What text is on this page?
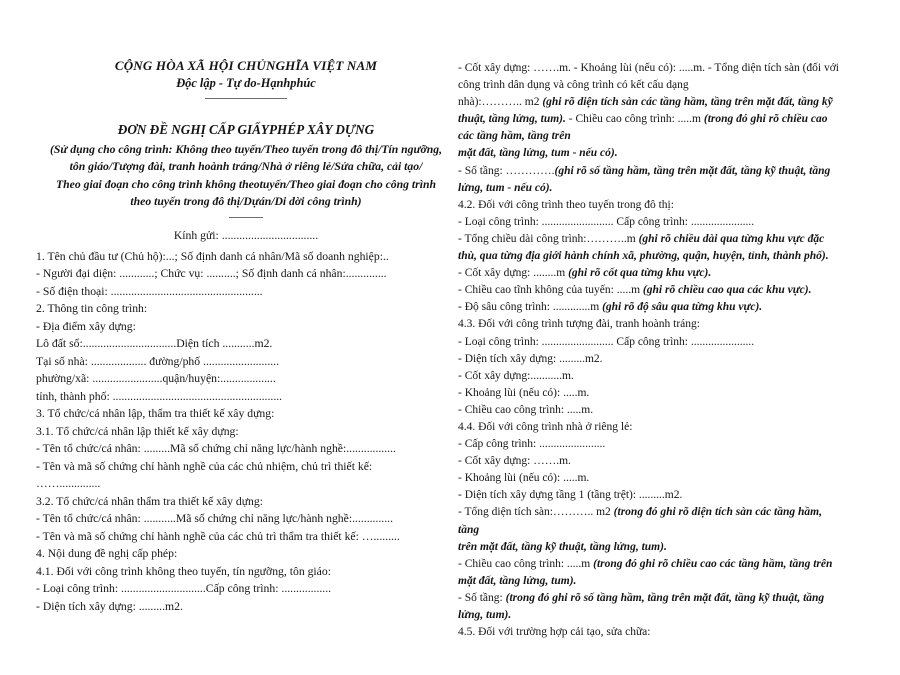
CỘNG HÒA XÃ HỘI CHỦNGHĨA VIỆT NAM
Độc lập - Tự do-Hạnhphúc
ĐƠN ĐỀ NGHỊ CẤP GIẤYPHÉP XÂY DỰNG
(Sử dụng cho công trình: Không theo tuyến/Theo tuyến trong đô thị/Tín ngưỡng,
tôn giáo/Tượng đài, tranh hoành tráng/Nhà ở riêng lẻ/Sửa chữa, cải tạo/
Theo giai đoạn cho công trình không theotuyến/Theo giai đoạn cho công trình
theo tuyến trong đô thị/Dựán/Di dời công trình)
Kính gửi: .................................
1. Tên chủ đầu tư (Chủ hộ):...; Số định danh cá nhân/Mã số doanh nghiệp:..
- Người đại diện: ............; Chức vụ: ..........; Số định danh cá nhân:..............
- Số điện thoại: ....................................................
2. Thông tin công trình:
- Địa điểm xây dựng:
Lô đất số:................................Diện tích ...........m2.
Tại số nhà: ................... đường/phố ..........................
phường/xã: ........................quận/huyện:...................
tỉnh, thành phố: ..........................................................
3. Tổ chức/cá nhân lập, thẩm tra thiết kế xây dựng:
3.1. Tổ chức/cá nhân lập thiết kế xây dựng:
- Tên tổ chức/cá nhân: .........Mã số chứng chỉ năng lực/hành nghề:.................
- Tên và mã số chứng chỉ hành nghề của các chủ nhiệm, chủ trì thiết kế:
……..............
3.2. Tổ chức/cá nhân thẩm tra thiết kế xây dựng:
- Tên tổ chức/cá nhân: ...........Mã số chứng chỉ năng lực/hành nghề:..............
- Tên và mã số chứng chỉ hành nghề của các chủ trì thẩm tra thiết kế: ….........
4. Nội dung đề nghị cấp phép:
4.1. Đối với công trình không theo tuyến, tín ngưỡng, tôn giáo:
- Loại công trình: .............................Cấp công trình: .................
- Diện tích xây dựng: .........m2.
- Cốt xây dựng: …….m. - Khoảng lùi (nếu có): .....m. - Tổng diện tích sàn (đối với
công trình dân dụng và công trình có kết cấu dạng
nhà):……….. m2 (ghi rõ diện tích sàn các tầng hầm, tầng trên mặt đất, tầng kỹ
thuật, tầng lửng, tum). - Chiều cao công trình: .....m (trong đó ghi rõ chiều cao
các tầng hầm, tầng trên
mặt đất, tầng lửng, tum - nếu có).
- Số tầng: ………….(ghi rõ số tầng hầm, tầng trên mặt đất, tầng kỹ thuật, tầng
lửng, tum - nếu có).
4.2. Đối với công trình theo tuyến trong đô thị:
- Loại công trình: ......................... Cấp công trình: ......................
- Tổng chiều dài công trình:………..m (ghi rõ chiều dài qua từng khu vực đặc
thù, qua từng địa giới hành chính xã, phường, quận, huyện, tỉnh, thành phố).
- Cốt xây dựng: ........m (ghi rõ cốt qua từng khu vực).
- Chiều cao tĩnh không của tuyến: .....m (ghi rõ chiều cao qua các khu vực).
- Độ sâu công trình: .............m (ghi rõ độ sâu qua từng khu vực).
4.3. Đối với công trình tượng đài, tranh hoành tráng:
- Loại công trình: ......................... Cấp công trình: ......................
- Diện tích xây dựng: .........m2.
- Cốt xây dựng:...........m.
- Khoảng lùi (nếu có): .....m.
- Chiều cao công trình: .....m.
4.4. Đối với công trình nhà ở riêng lẻ:
- Cấp công trình: .......................
- Cốt xây dựng: …….m.
- Khoảng lùi (nếu có): .....m.
- Diện tích xây dựng tầng 1 (tầng trệt): .........m2.
- Tổng diện tích sàn:……….. m2 (trong đó ghi rõ diện tích sàn các tầng hầm,
tầng
trên mặt đất, tầng kỹ thuật, tầng lửng, tum).
- Chiều cao công trình: .....m (trong đó ghi rõ chiều cao các tầng hầm, tầng trên
mặt đất, tầng lửng, tum).
- Số tầng: (trong đó ghi rõ số tầng hầm, tầng trên mặt đất, tầng kỹ thuật, tầng
lửng, tum).
4.5. Đối với trường hợp cải tạo, sửa chữa:
